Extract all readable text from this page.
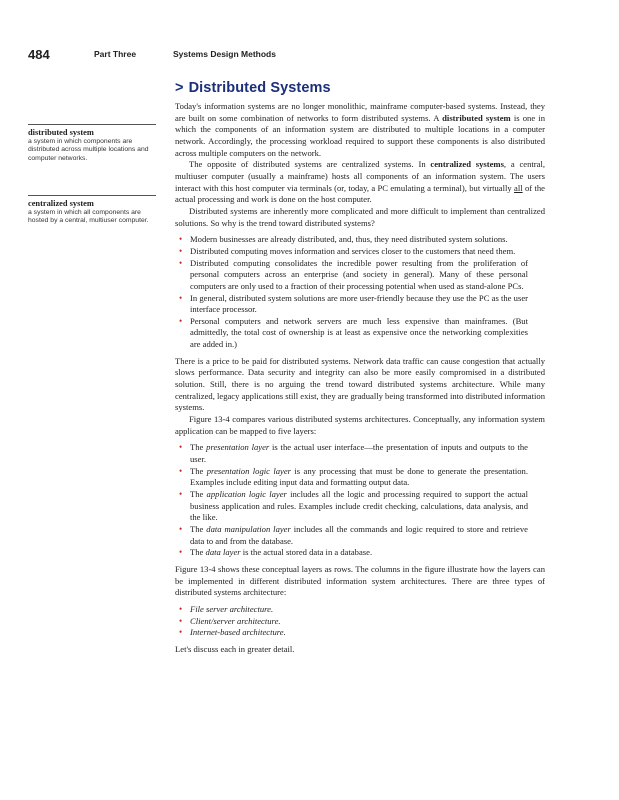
484	Part Three	Systems Design Methods
> Distributed Systems
distributed system
a system in which components are distributed across multiple locations and computer networks.
centralized system
a system in which all components are hosted by a central, multiuser computer.

Today's information systems are no longer monolithic, mainframe computer-based systems. Instead, they are built on some combination of networks to form distributed systems. A distributed system is one in which the components of an information system are distributed to multiple locations in a computer network. Accordingly, the processing workload required to support these components is also distributed across multiple computers on the network.

The opposite of distributed systems are centralized systems. In centralized systems, a central, multiuser computer (usually a mainframe) hosts all components of an information system. The users interact with this host computer via terminals (or, today, a PC emulating a terminal), but virtually all of the actual processing and work is done on the host computer.

Distributed systems are inherently more complicated and more difficult to implement than centralized solutions. So why is the trend toward distributed systems?

• Modern businesses are already distributed, and, thus, they need distributed system solutions.
• Distributed computing moves information and services closer to the customers that need them.
• Distributed computing consolidates the incredible power resulting from the proliferation of personal computers across an enterprise (and society in general). Many of these personal computers are only used to a fraction of their processing potential when used as stand-alone PCs.
• In general, distributed system solutions are more user-friendly because they use the PC as the user interface processor.
• Personal computers and network servers are much less expensive than mainframes. (But admittedly, the total cost of ownership is at least as expensive once the networking complexities are added in.)

There is a price to be paid for distributed systems. Network data traffic can cause congestion that actually slows performance. Data security and integrity can also be more easily compromised in a distributed solution. Still, there is no arguing the trend toward distributed systems architecture. While many centralized, legacy applications still exist, they are gradually being transformed into distributed information systems.

Figure 13-4 compares various distributed systems architectures. Conceptually, any information system application can be mapped to five layers:

• The presentation layer is the actual user interface—the presentation of inputs and outputs to the user.
• The presentation logic layer is any processing that must be done to generate the presentation. Examples include editing input data and formatting output data.
• The application logic layer includes all the logic and processing required to support the actual business application and rules. Examples include credit checking, calculations, data analysis, and the like.
• The data manipulation layer includes all the commands and logic required to store and retrieve data to and from the database.
• The data layer is the actual stored data in a database.

Figure 13-4 shows these conceptual layers as rows. The columns in the figure illustrate how the layers can be implemented in different distributed information system architectures. There are three types of distributed systems architecture:

• File server architecture.
• Client/server architecture.
• Internet-based architecture.

Let's discuss each in greater detail.
